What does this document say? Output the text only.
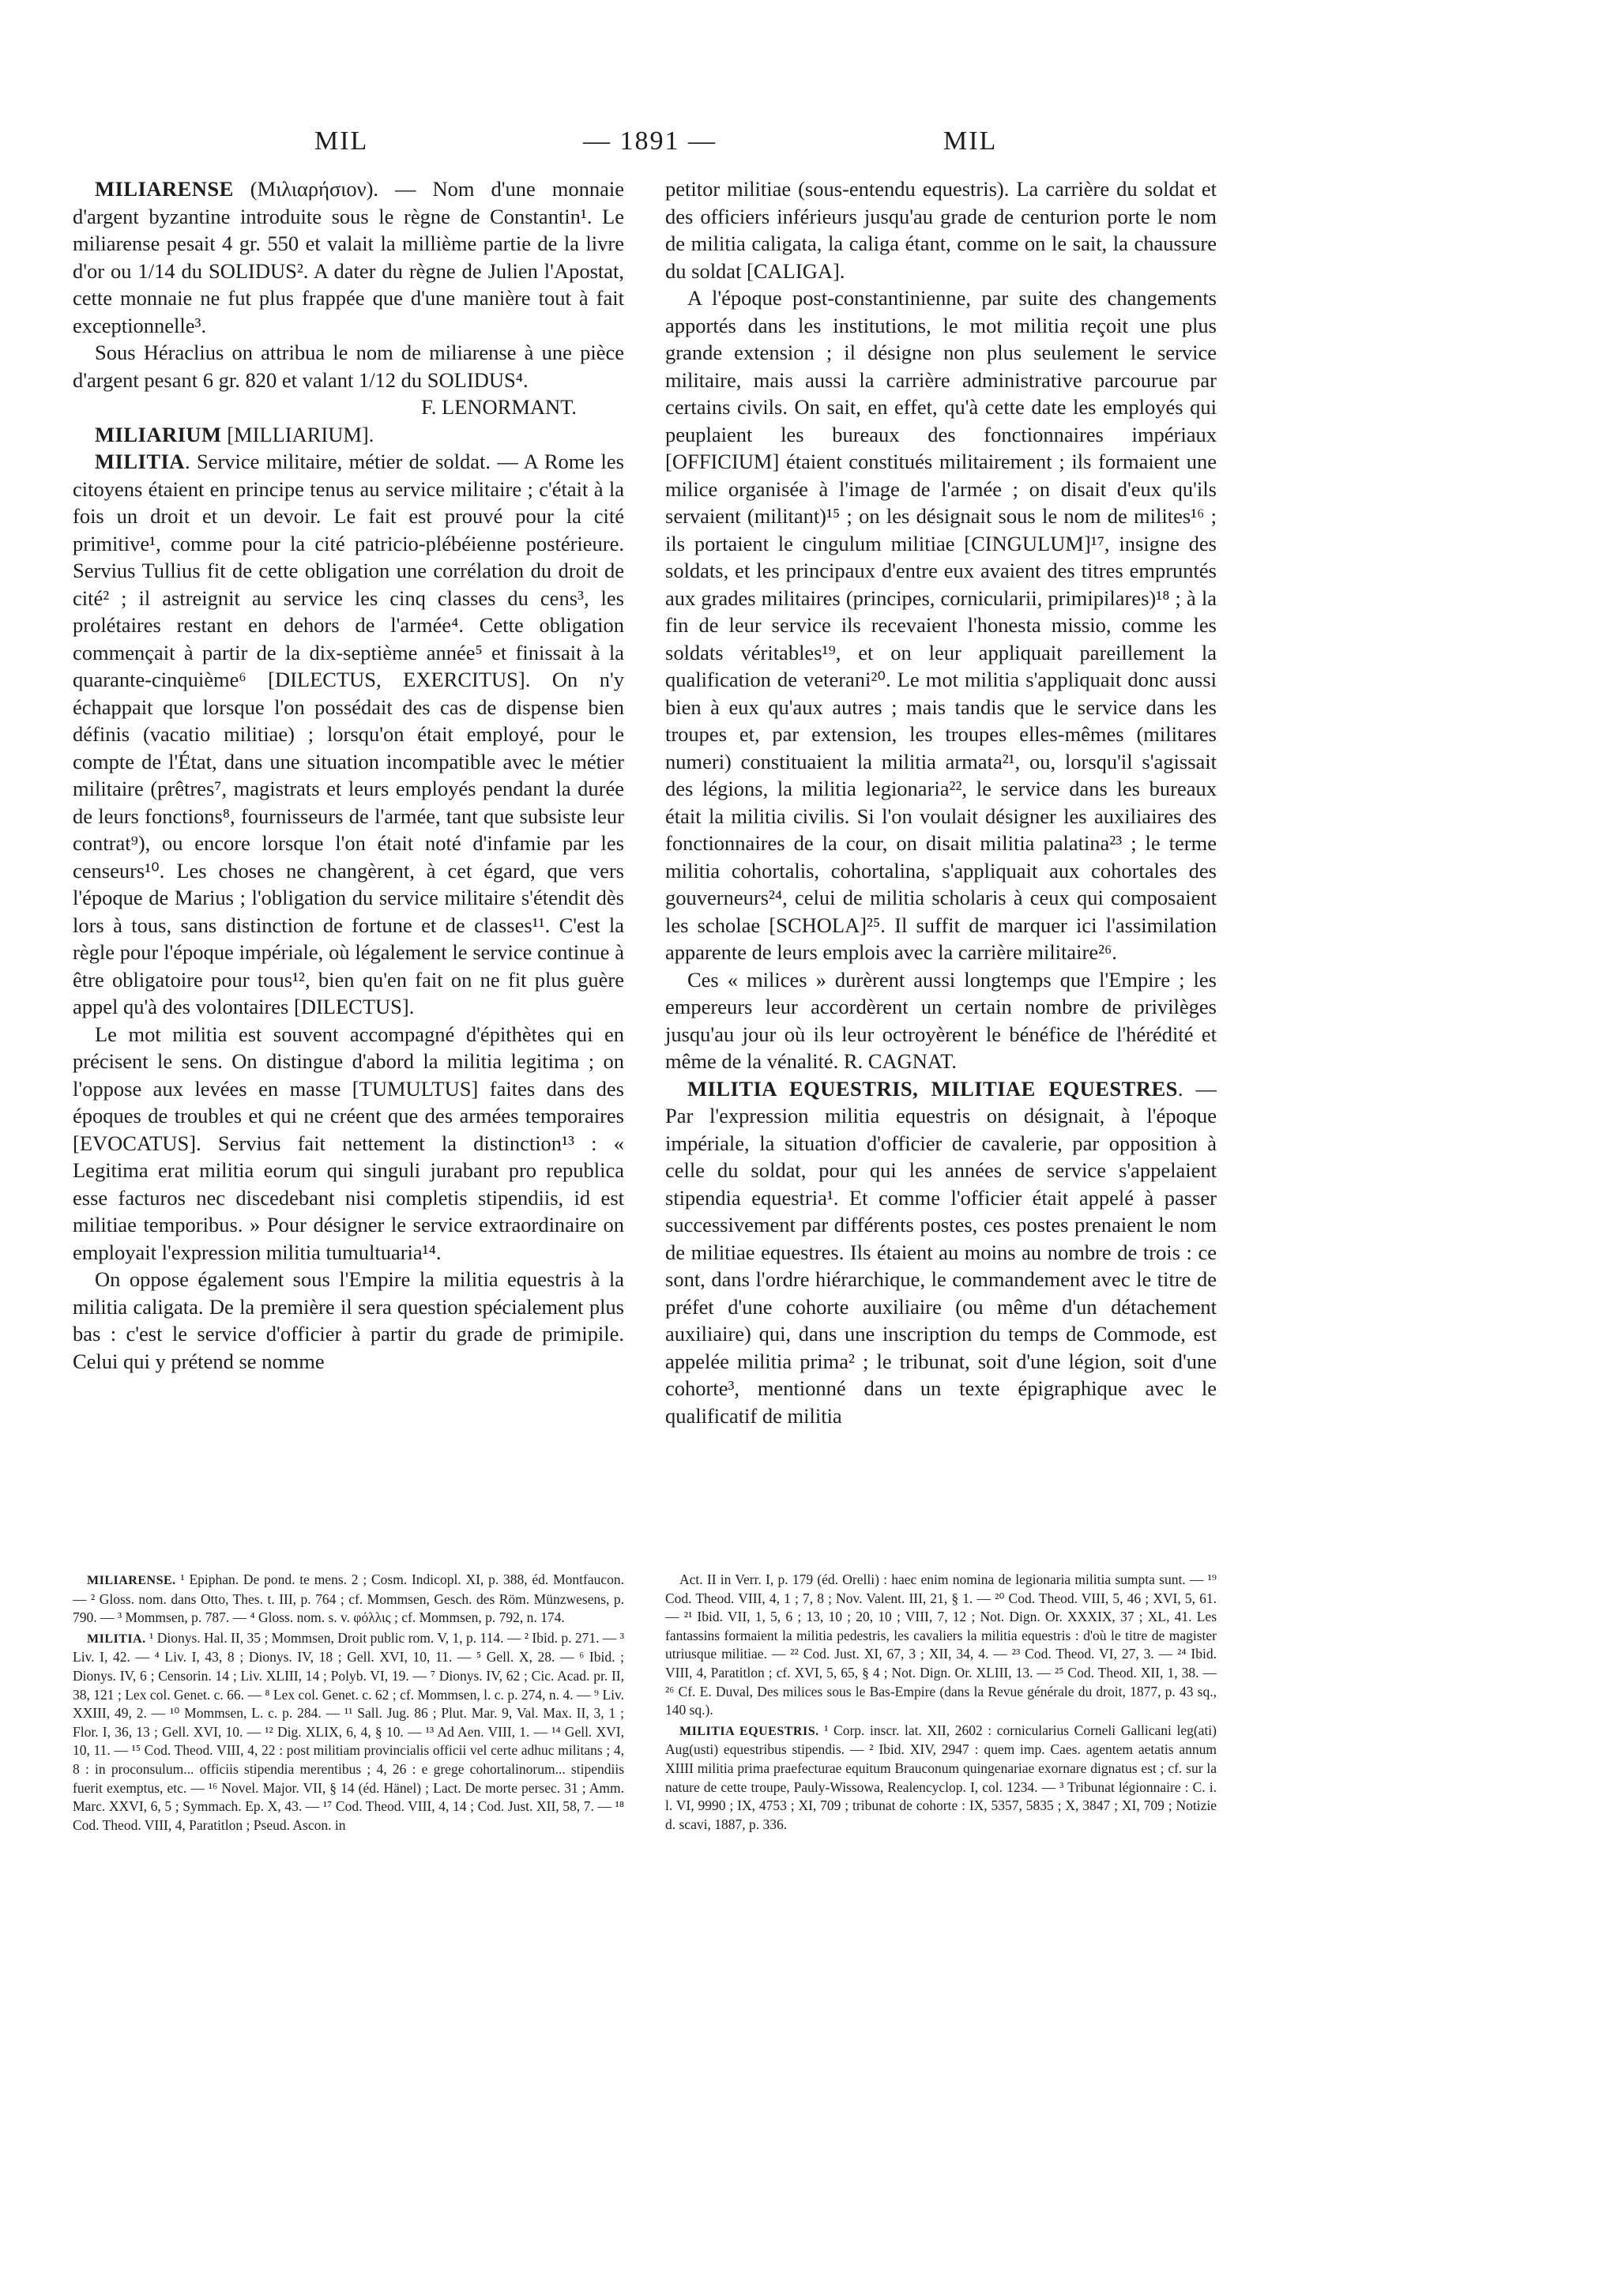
MIL	— 1891 —	MIL

MILIARENSE (Μιλιαρήσιον). — Nom d'une monnaie d'argent byzantine introduite sous le règne de Constantin¹. Le miliarense pesait 4 gr. 550 et valait la millième partie de la livre d'or ou 1/14 du SOLIDUS². A dater du règne de Julien l'Apostat, cette monnaie ne fut plus frappée que d'une manière tout à fait exceptionnelle³.

Sous Héraclius on attribua le nom de miliarense à une pièce d'argent pesant 6 gr. 820 et valant 1/12 du SOLIDUS⁴.

F. LENORMANT.

MILIARIUM [MILLIARIUM].

MILITIA. Service militaire, métier de soldat. — A Rome les citoyens étaient en principe tenus au service militaire ; c'était à la fois un droit et un devoir. Le fait est prouvé pour la cité primitive¹, comme pour la cité patricio-plébéienne postérieure. Servius Tullius fit de cette obligation une corrélation du droit de cité² ; il astreignit au service les cinq classes du cens³, les prolétaires restant en dehors de l'armée⁴. Cette obligation commençait à partir de la dix-septième année⁵ et finissait à la quarante-cinquième⁶ [DILECTUS, EXERCITUS]. On n'y échappait que lorsque l'on possédait des cas de dispense bien définis (vacatio militiae) ; lorsqu'on était employé, pour le compte de l'État, dans une situation incompatible avec le métier militaire (prêtres⁷, magistrats et leurs employés pendant la durée de leurs fonctions⁸, fournisseurs de l'armée, tant que subsiste leur contrat⁹), ou encore lorsque l'on était noté d'infamie par les censeurs¹⁰. Les choses ne changèrent, à cet égard, que vers l'époque de Marius ; l'obligation du service militaire s'étendit dès lors à tous, sans distinction de fortune et de classes¹¹. C'est la règle pour l'époque impériale, où légalement le service continue à être obligatoire pour tous¹², bien qu'en fait on ne fit plus guère appel qu'à des volontaires [DILECTUS].

Le mot militia est souvent accompagné d'épithètes qui en précisent le sens. On distingue d'abord la militia legitima ; on l'oppose aux levées en masse [TUMULTUS] faites dans des époques de troubles et qui ne créent que des armées temporaires [EVOCATUS]. Servius fait nettement la distinction¹³ : « Legitima erat militia eorum qui singuli jurabant pro republica esse facturos nec discedebant nisi completis stipendiis, id est militiae temporibus. » Pour désigner le service extraordinaire on employait l'expression militia tumultuaria¹⁴.

On oppose également sous l'Empire la militia equestris à la militia caligata. De la première il sera question spécialement plus bas : c'est le service d'officier à partir du grade de primipile. Celui qui y prétend se nomme

petitor militiae (sous-entendu equestris). La carrière du soldat et des officiers inférieurs jusqu'au grade de centurion porte le nom de militia caligata, la caliga étant, comme on le sait, la chaussure du soldat [CALIGA].

A l'époque post-constantinienne, par suite des changements apportés dans les institutions, le mot militia reçoit une plus grande extension ; il désigne non plus seulement le service militaire, mais aussi la carrière administrative parcourue par certains civils. On sait, en effet, qu'à cette date les employés qui peuplaient les bureaux des fonctionnaires impériaux [OFFICIUM] étaient constitués militairement ; ils formaient une milice organisée à l'image de l'armée ; on disait d'eux qu'ils servaient (militant)¹⁵ ; on les désignait sous le nom de milites¹⁶ ; ils portaient le cingulum militiae [CINGULUM]¹⁷, insigne des soldats, et les principaux d'entre eux avaient des titres empruntés aux grades militaires (principes, cornicularii, primipilares)¹⁸ ; à la fin de leur service ils recevaient l'honesta missio, comme les soldats véritables¹⁹, et on leur appliquait pareillement la qualification de veterani²⁰. Le mot militia s'appliquait donc aussi bien à eux qu'aux autres ; mais tandis que le service dans les troupes et, par extension, les troupes elles-mêmes (militares numeri) constituaient la militia armata²¹, ou, lorsqu'il s'agissait des légions, la militia legionaria²², le service dans les bureaux était la militia civilis. Si l'on voulait désigner les auxiliaires des fonctionnaires de la cour, on disait militia palatina²³ ; le terme militia cohortalis, cohortalina, s'appliquait aux cohortales des gouverneurs²⁴, celui de militia scholaris à ceux qui composaient les scholae [SCHOLA]²⁵. Il suffit de marquer ici l'assimilation apparente de leurs emplois avec la carrière militaire²⁶.

Ces « milices » durèrent aussi longtemps que l'Empire ; les empereurs leur accordèrent un certain nombre de privilèges jusqu'au jour où ils leur octroyèrent le bénéfice de l'hérédité et même de la vénalité. R. CAGNAT.

MILITIA EQUESTRIS, MILITIAE EQUESTRES. — Par l'expression militia equestris on désignait, à l'époque impériale, la situation d'officier de cavalerie, par opposition à celle du soldat, pour qui les années de service s'appelaient stipendia equestria¹. Et comme l'officier était appelé à passer successivement par différents postes, ces postes prenaient le nom de militiae equestres. Ils étaient au moins au nombre de trois : ce sont, dans l'ordre hiérarchique, le commandement avec le titre de préfet d'une cohorte auxiliaire (ou même d'un détachement auxiliaire) qui, dans une inscription du temps de Commode, est appelée militia prima² ; le tribunat, soit d'une légion, soit d'une cohorte³, mentionné dans un texte épigraphique avec le qualificatif de militia

MILIARENSE. ¹ Epiphan. De pond. te mens. 2 ; Cosm. Indicopl. XI, p. 388, éd. Montfaucon. — ² Gloss. nom. dans Otto, Thes. t. III, p. 764 ; cf. Mommsen, Gesch. des Röm. Münzwesens, p. 790. — ³ Mommsen, p. 787. — ⁴ Gloss. nom. s. v. φόλλις ; cf. Mommsen, p. 792, n. 174.

MILITIA. ¹ Dionys. Hal. II, 35 ; Mommsen, Droit public rom. V, 1, p. 114. — ² Ibid. p. 271. — ³ Liv. I, 42. — ⁴ Liv. I, 43, 8 ; Dionys. IV, 18 ; Gell. XVI, 10, 11. — ⁵ Gell. X, 28. — ⁶ Ibid. ; Dionys. IV, 6 ; Censorin. 14 ; Liv. XLIII, 14 ; Polyb. VI, 19. — ⁷ Dionys. IV, 62 ; Cic. Acad. pr. II, 38, 121 ; Lex col. Genet. c. 66. — ⁸ Lex col. Genet. c. 62 ; cf. Mommsen, l. c. p. 274, n. 4. — ⁹ Liv. XXIII, 49, 2. — ¹⁰ Mommsen, L. c. p. 284. — ¹¹ Sall. Jug. 86 ; Plut. Mar. 9, Val. Max. II, 3, 1 ; Flor. I, 36, 13 ; Gell. XVI, 10. — ¹² Dig. XLIX, 6, 4, § 10. — ¹³ Ad Aen. VIII, 1. — ¹⁴ Gell. XVI, 10, 11. — ¹⁵ Cod. Theod. VIII, 4, 22 : post militiam provincialis officii vel certe adhuc militans ; 4, 8 : in proconsulum... officiis stipendia merentibus ; 4, 26 : e grege cohortalinorum... stipendiis fuerit exemptus, etc. — ¹⁶ Novel. Major. VII, § 14 (éd. Hänel) ; Lact. De morte persec. 31 ; Amm. Marc. XXVI, 6, 5 ; Symmach. Ep. X, 43. — ¹⁷ Cod. Theod. VIII, 4, 14 ; Cod. Just. XII, 58, 7. — ¹⁸ Cod. Theod. VIII, 4, Paratitlon ; Pseud. Ascon. in

Act. II in Verr. I, p. 179 (éd. Orelli) : haec enim nomina de legionaria militia sumpta sunt. — ¹⁹ Cod. Theod. VIII, 4, 1 ; 7, 8 ; Nov. Valent. III, 21, § 1. — ²⁰ Cod. Theod. VIII, 5, 46 ; XVI, 5, 61. — ²¹ Ibid. VII, 1, 5, 6 ; 13, 10 ; 20, 10 ; VIII, 7, 12 ; Not. Dign. Or. XXXIX, 37 ; XL, 41. Les fantassins formaient la militia pedestris, les cavaliers la militia equestris : d'où le titre de magister utriusque militiae. — ²² Cod. Just. XI, 67, 3 ; XII, 34, 4. — ²³ Cod. Theod. VI, 27, 3. — ²⁴ Ibid. VIII, 4, Paratitlon ; cf. XVI, 5, 65, § 4 ; Not. Dign. Or. XLIII, 13. — ²⁵ Cod. Theod. XII, 1, 38. — ²⁶ Cf. E. Duval, Des milices sous le Bas-Empire (dans la Revue générale du droit, 1877, p. 43 sq., 140 sq.).

MILITIA EQUESTRIS. ¹ Corp. inscr. lat. XII, 2602 : cornicularius Corneli Gallicani leg(ati) Aug(usti) equestribus stipendis. — ² Ibid. XIV, 2947 : quem imp. Caes. agentem aetatis annum XIIII militia prima praefecturae equitum Brauconum quingenariae exornare dignatus est ; cf. sur la nature de cette troupe, Pauly-Wissowa, Realencyclop. I, col. 1234. — ³ Tribunat légionnaire : C. i. l. VI, 9990 ; IX, 4753 ; XI, 709 ; tribunat de cohorte : IX, 5357, 5835 ; X, 3847 ; XI, 709 ; Notizie d. scavi, 1887, p. 336.
